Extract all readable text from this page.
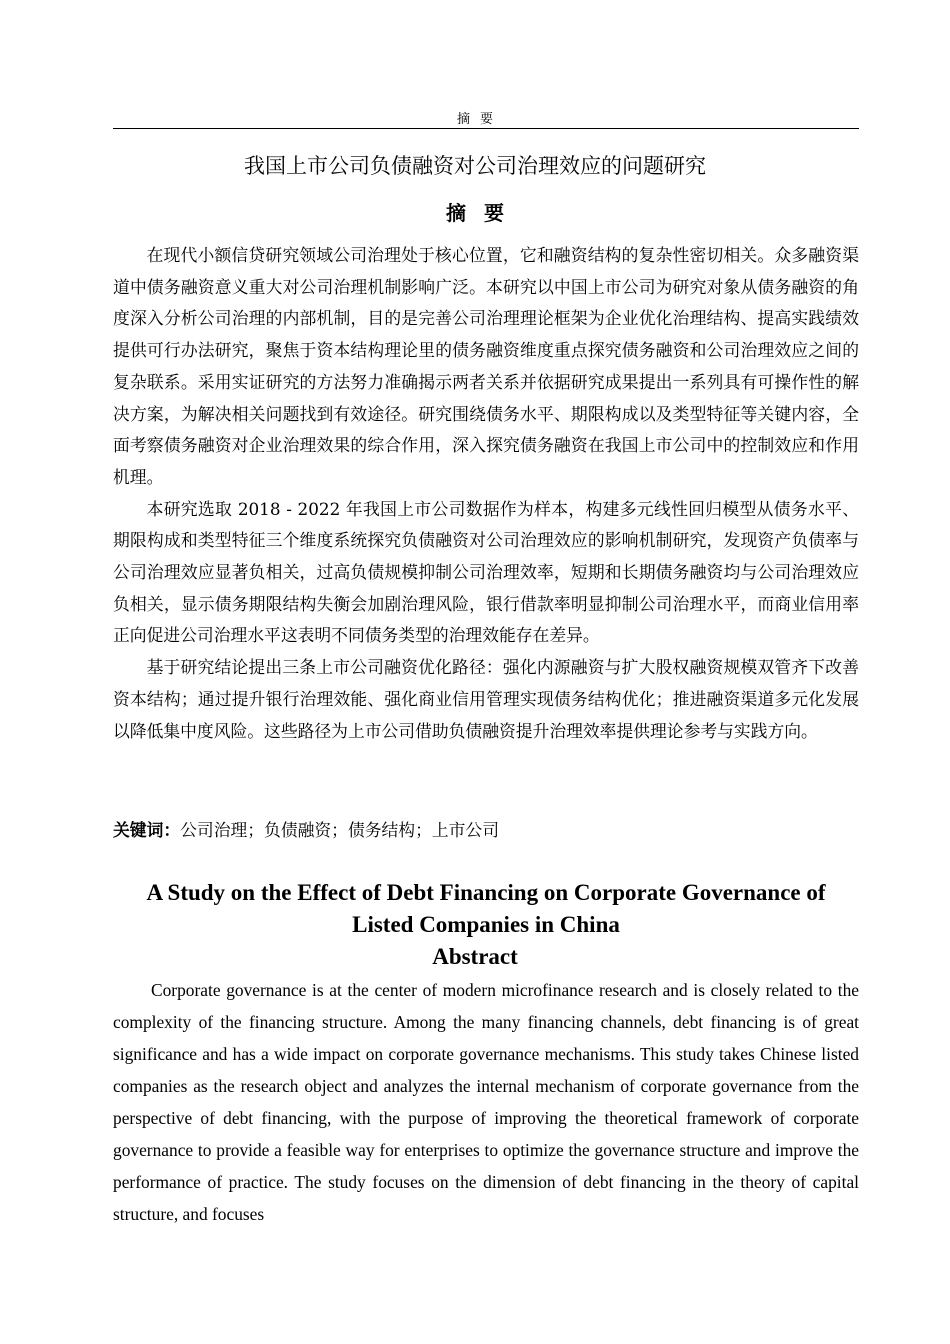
摘要
我国上市公司负债融资对公司治理效应的问题研究
摘要

在现代小额信贷研究领域公司治理处于核心位置，它和融资结构的复杂性密切相关。众多融资渠道中债务融资意义重大对公司治理机制影响广泛。本研究以中国上市公司为研究对象从债务融资的角度深入分析公司治理的内部机制，目的是完善公司治理理论框架为企业优化治理结构、提高实践绩效提供可行办法研究，聚焦于资本结构理论里的债务融资维度重点探究债务融资和公司治理效应之间的复杂联系。采用实证研究的方法努力准确揭示两者关系并依据研究成果提出一系列具有可操作性的解决方案，为解决相关问题找到有效途径。研究围绕债务水平、期限构成以及类型特征等关键内容，全面考察债务融资对企业治理效果的综合作用，深入探究债务融资在我国上市公司中的控制效应和作用机理。

本研究选取 2018 - 2022 年我国上市公司数据作为样本，构建多元线性回归模型从债务水平、期限构成和类型特征三个维度系统探究负债融资对公司治理效应的影响机制研究，发现资产负债率与公司治理效应显著负相关，过高负债规模抑制公司治理效率，短期和长期债务融资均与公司治理效应负相关，显示债务期限结构失衡会加剧治理风险，银行借款率明显抑制公司治理水平，而商业信用率正向促进公司治理水平这表明不同债务类型的治理效能存在差异。

基于研究结论提出三条上市公司融资优化路径：强化内源融资与扩大股权融资规模双管齐下改善资本结构；通过提升银行治理效能、强化商业信用管理实现债务结构优化；推进融资渠道多元化发展以降低集中度风险。这些路径为上市公司借助负债融资提升治理效率提供理论参考与实践方向。

关键词：公司治理；负债融资；债务结构；上市公司
A Study on the Effect of Debt Financing on Corporate Governance of Listed Companies in China
Abstract
Corporate governance is at the center of modern microfinance research and is closely related to the complexity of the financing structure. Among the many financing channels, debt financing is of great significance and has a wide impact on corporate governance mechanisms. This study takes Chinese listed companies as the research object and analyzes the internal mechanism of corporate governance from the perspective of debt financing, with the purpose of improving the theoretical framework of corporate governance to provide a feasible way for enterprises to optimize the governance structure and improve the performance of practice. The study focuses on the dimension of debt financing in the theory of capital structure, and focuses
